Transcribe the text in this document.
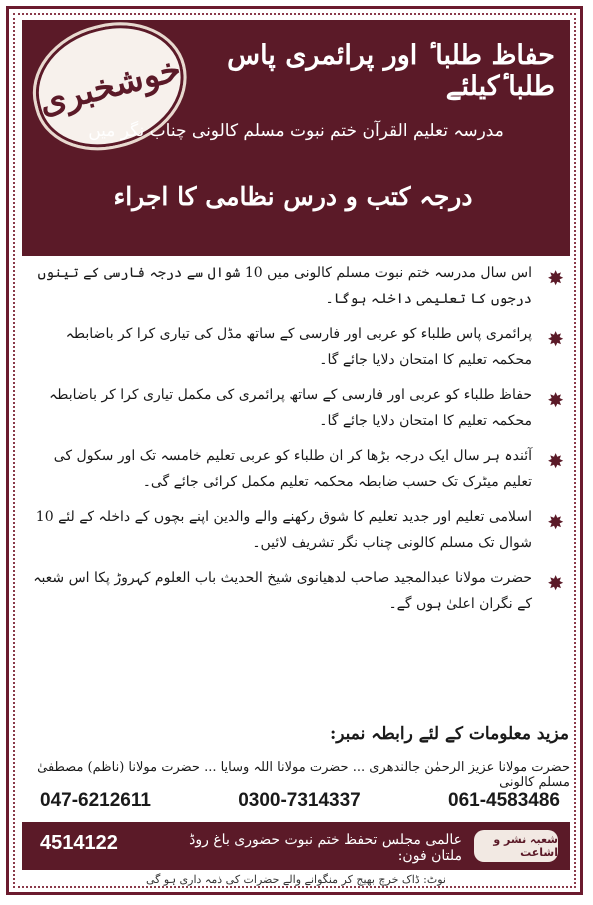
خوشخبری	حفاظ طلبا ٔ اور پرائمری پاس طلبا ٔکیلئے
مدرسہ تعلیم القرآن ختم نبوت مسلم کالونی چناب نگر میں
درجہ کتب و درس نظامی کا اجراء
✸
اس سال مدرسہ ختم نبوت مسلم کالونی میں 10 شوال سے درجہ فارسی کے تینوں درجوں کا تعلیمی داخلہ ہوگا۔
✸
پرائمری پاس طلباء کو عربی اور فارسی کے ساتھ مڈل کی تیاری کرا کر باضابطہ محکمہ تعلیم کا امتحان دلایا جائے گا۔
✸
حفاظ طلباء کو عربی اور فارسی کے ساتھ پرائمری کی مکمل تیاری کرا کر باضابطہ محکمہ تعلیم کا امتحان دلایا جائے گا۔
✸
آئندہ ہر سال ایک درجہ بڑھا کر ان طلباء کو عربی تعلیم خامسہ تک اور سکول کی تعلیم میٹرک تک حسب ضابطہ محکمہ تعلیم مکمل کرائی جائے گی۔
✸
اسلامی تعلیم اور جدید تعلیم کا شوق رکھنے والے والدین اپنے بچوں کے داخلہ کے لئے 10 شوال تک مسلم کالونی چناب نگر تشریف لائیں۔
✸
حضرت مولانا عبدالمجید صاحب لدھیانوی شیخ الحدیث باب العلوم کہروڑ پکا اس شعبہ کے نگران اعلیٰ ہوں گے۔
مزید معلومات کے لئے رابطہ نمبر:
حضرت مولانا عزیز الرحمٰن جالندھری ... حضرت مولانا اللہ وسایا ... حضرت مولانا (ناظم) مصطفیٰ مسلم کالونی
047-6212611	0300-7314337	061-4583486
4514122	عالمی مجلس تحفظ ختم نبوت حضوری باغ روڈ ملتان فون:
شعبہ نشر و اشاعت
نوٹ: ڈاک خرچ بھیج کر منگوانے والے حضرات کی ذمہ داری ہو گی
